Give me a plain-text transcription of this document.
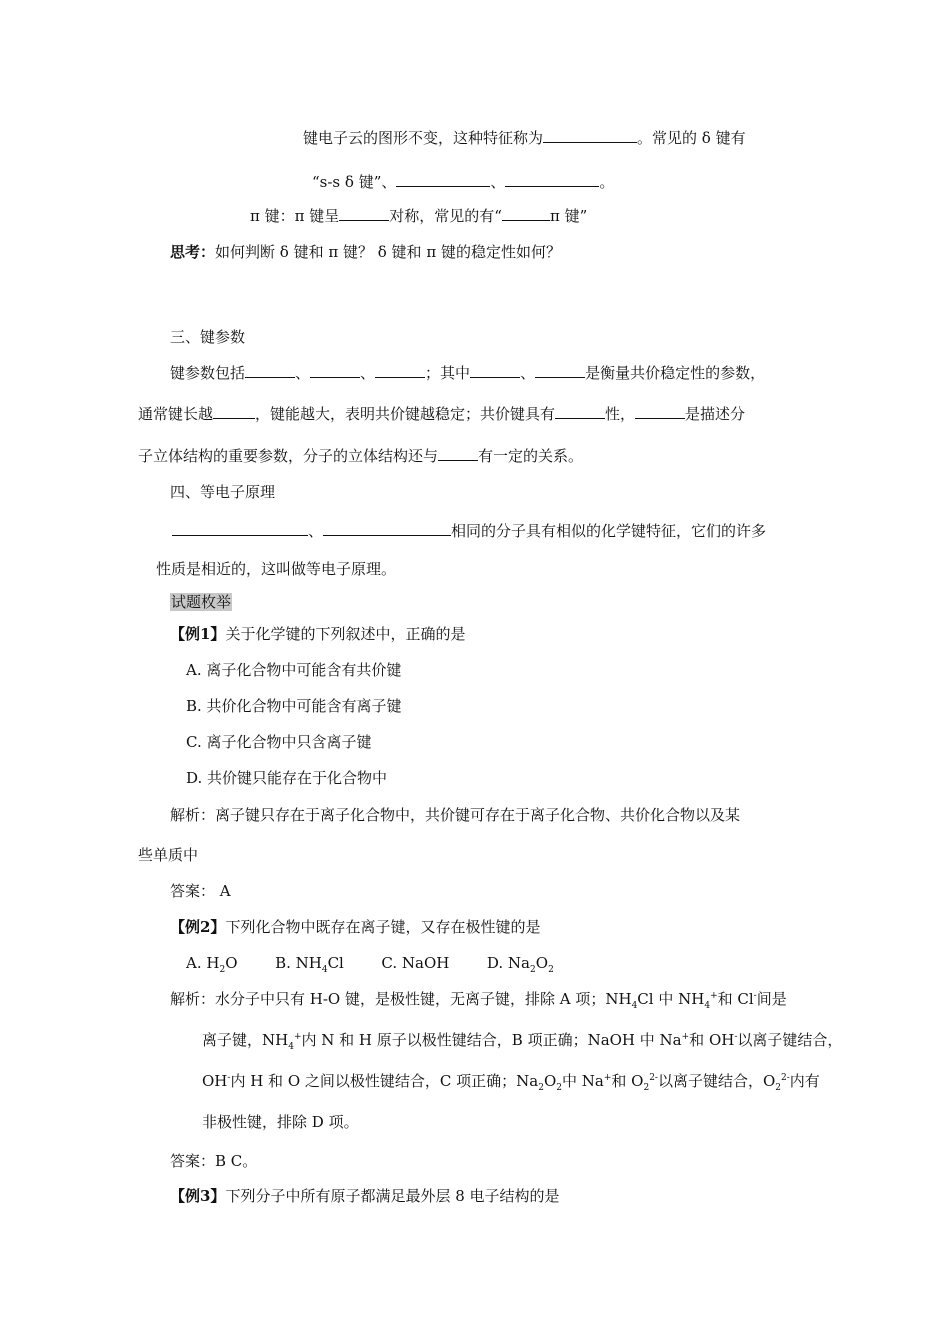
键电子云的图形不变，这种特征称为	。常见的 δ 键有
“s-s δ 键”、	、	。
π 键：π 键呈	对称，常见的有“	π 键”
思考：如何判断 δ 键和 π 键？ δ 键和 π 键的稳定性如何？
三、键参数
键参数包括	、	、	；其中	、	是衡量共价稳定性的参数，
通常键长越	，键能越大，表明共价键越稳定；共价键具有	性，	是描述分
子立体结构的重要参数，分子的立体结构还与	有一定的关系。
四、等电子原理
、	相同的分子具有相似的化学键特征，它们的许多
性质是相近的，这叫做等电子原理。
试题枚举
【例1】关于化学键的下列叙述中，正确的是
A. 离子化合物中可能含有共价键
B. 共价化合物中可能含有离子键
C. 离子化合物中只含离子键
D. 共价键只能存在于化合物中
解析：离子键只存在于离子化合物中，共价键可存在于离子化合物、共价化合物以及某
些单质中
答案： A
【例2】下列化合物中既存在离子键，又存在极性键的是
A. $H_2O$	B. $NH_4Cl$	C. NaOH	D. $Na_2O_2$
解析：水分子中只有 H-O 键，是极性键，无离子键，排除 A 项；$NH_4Cl$ 中 $NH_4^+$和 Cl-间是
离子键，$NH_4^+$内 N 和 H 原子以极性键结合，B 项正确；NaOH 中 Na+和 OH-以离子键结合，
OH-内 H 和 O 之间以极性键结合，C 项正确；$Na_2O_2$中 Na+和 $O_2^{2-}$以离子键结合，$O_2^{2-}$内有
非极性键，排除 D 项。
答案：B C。
【例3】下列分子中所有原子都满足最外层 8 电子结构的是
